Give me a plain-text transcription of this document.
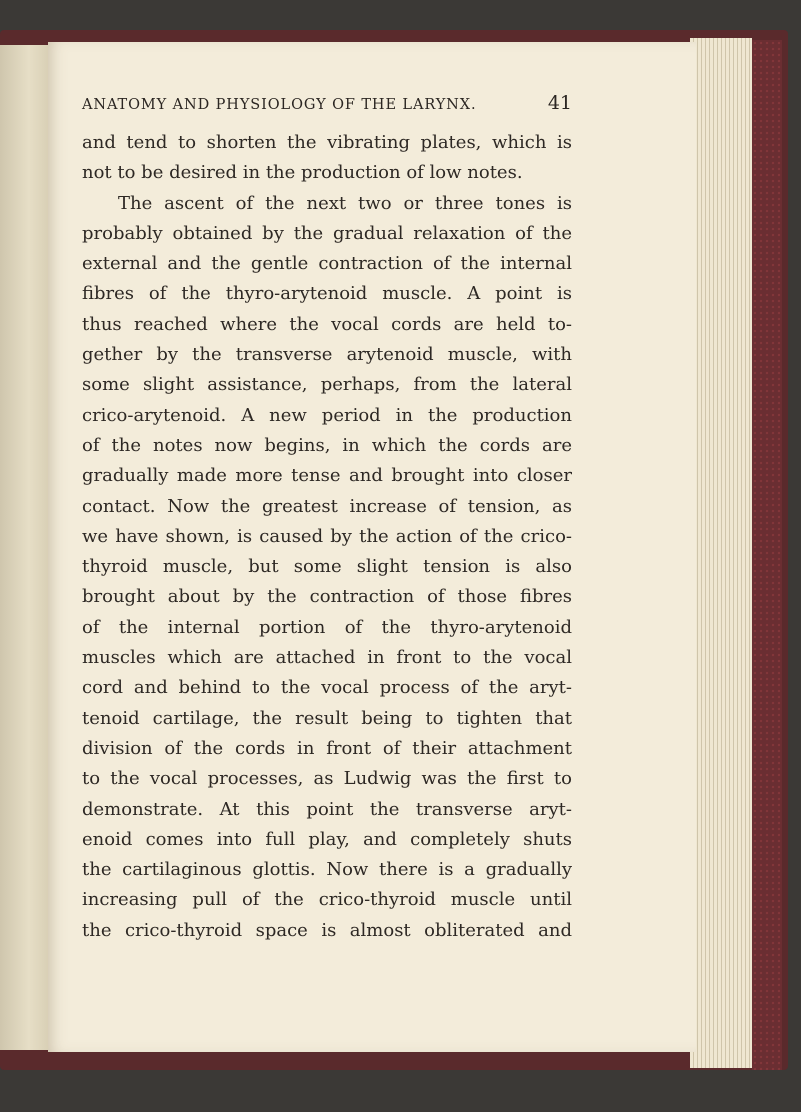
ANATOMY AND PHYSIOLOGY OF THE LARYNX.	41
and tend to shorten the vibrating plates, which is
not to be desired in the production of low notes.
The ascent of the next two or three tones is
probably obtained by the gradual relaxation of the
external and the gentle contraction of the internal
fibres of the thyro-arytenoid muscle. A point is
thus reached where the vocal cords are held to-
gether by the transverse arytenoid muscle, with
some slight assistance, perhaps, from the lateral
crico-arytenoid. A new period in the production
of the notes now begins, in which the cords are
gradually made more tense and brought into closer
contact. Now the greatest increase of tension, as
we have shown, is caused by the action of the crico-
thyroid muscle, but some slight tension is also
brought about by the contraction of those fibres
of the internal portion of the thyro-arytenoid
muscles which are attached in front to the vocal
cord and behind to the vocal process of the aryt-
tenoid cartilage, the result being to tighten that
division of the cords in front of their attachment
to the vocal processes, as Ludwig was the first to
demonstrate. At this point the transverse aryt-
enoid comes into full play, and completely shuts
the cartilaginous glottis. Now there is a gradually
increasing pull of the crico-thyroid muscle until
the crico-thyroid space is almost obliterated and
